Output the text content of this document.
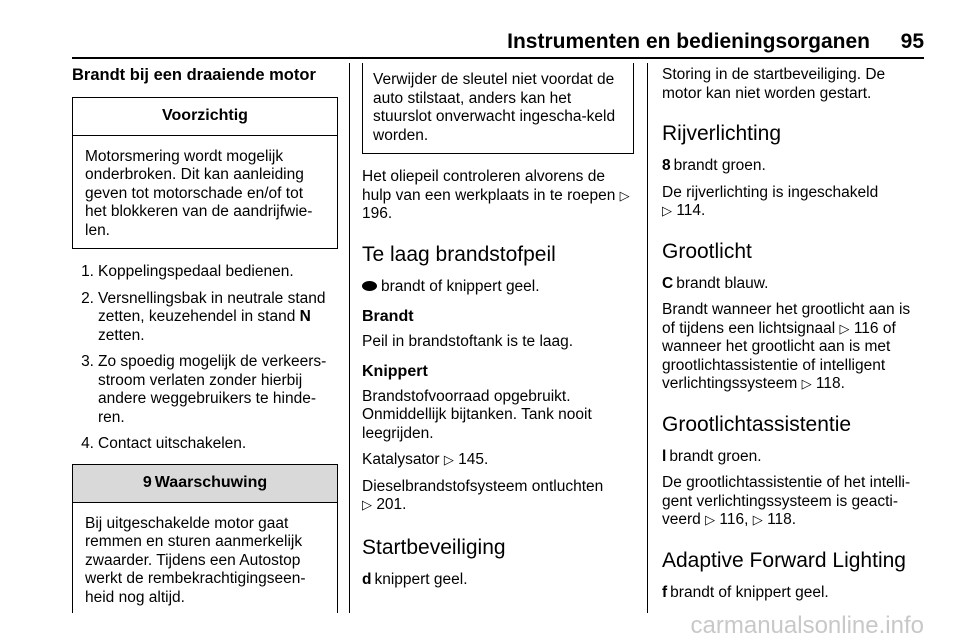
Instrumenten en bedieningsorganen 95
Brandt bij een draaiende motor
Voorzichtig
Motorsmering wordt mogelijk onderbroken. Dit kan aanleiding geven tot motorschade en/of tot het blokkeren van de aandrijfwie-len.
1. Koppelingspedaal bedienen.
2. Versnellingsbak in neutrale stand zetten, keuzehendel in stand N zetten.
3. Zo spoedig mogelijk de verkeers-stroom verlaten zonder hierbij andere weggebruikers te hinde-ren.
4. Contact uitschakelen.
9 Waarschuwing
Bij uitgeschakelde motor gaat remmen en sturen aanmerkelijk zwaarder. Tijdens een Autostop werkt de rembekrachtigingseen-heid nog altijd.
Verwijder de sleutel niet voordat de auto stilstaat, anders kan het stuurslot onverwacht ingescha-keld worden.

Het oliepeil controleren alvorens de hulp van een werkplaats in te roepen ▷ 196.

Te laag brandstofpeil

brandt of knippert geel.

Brandt

Peil in brandstoftank is te laag.

Knippert

Brandstofvoorraad opgebruikt. Onmiddellijk bijtanken. Tank nooit leegrijden.

Katalysator ▷ 145.

Dieselbrandstofsysteem ontluchten
▷ 201.

Startbeveiliging

d knippert geel.

Storing in de startbeveiliging. De motor kan niet worden gestart.

Rijverlichting

8 brandt groen.

De rijverlichting is ingeschakeld
▷ 114.

Grootlicht

C brandt blauw.

Brandt wanneer het grootlicht aan is of tijdens een lichtsignaal ▷ 116 of wanneer het grootlicht aan is met grootlichtassistentie of intelligent verlichtingssysteem ▷ 118.

Grootlichtassistentie

l brandt groen.

De grootlichtassistentie of het intelli-gent verlichtingssysteem is geacti-veerd ▷ 116, ▷ 118.

Adaptive Forward Lighting

f brandt of knippert geel.

carmanualsonline.info
